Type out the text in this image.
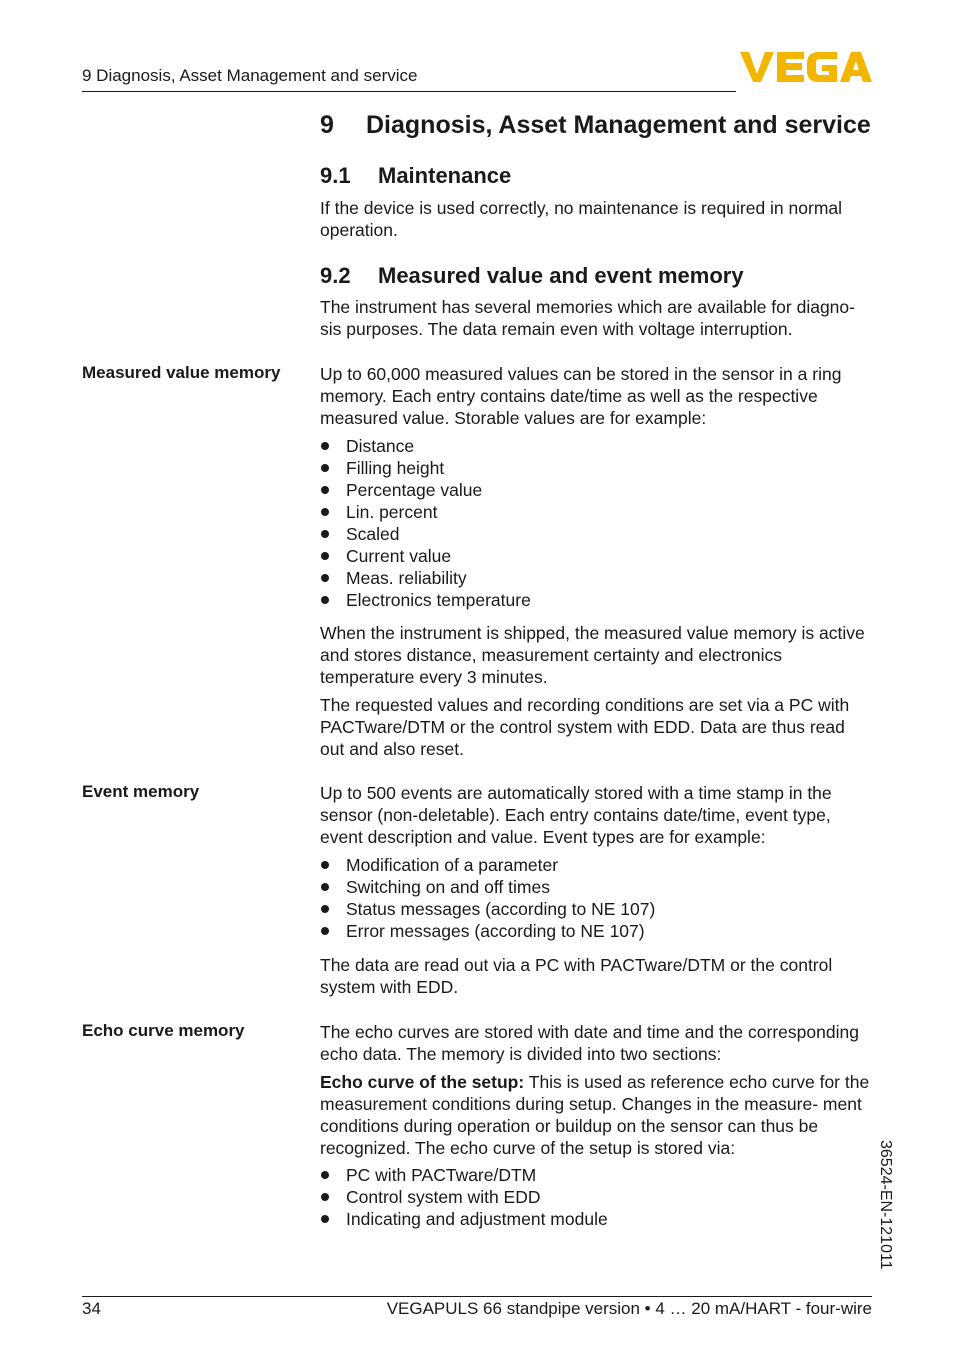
9 Diagnosis, Asset Management and service
9 Diagnosis, Asset Management and service
9.1 Maintenance

If the device is used correctly, no maintenance is required in normal operation.

9.2 Measured value and event memory

The instrument has several memories which are available for diagno- sis purposes. The data remain even with voltage interruption.

Measured value memory Up to 60,000 measured values can be stored in the sensor in a ring memory. Each entry contains date/time as well as the respective measured value. Storable values are for example:

Distance
Filling height
Percentage value
Lin. percent
Scaled
Current value
Meas. reliability
Electronics temperature

When the instrument is shipped, the measured value memory is active and stores distance, measurement certainty and electronics temperature every 3 minutes.

The requested values and recording conditions are set via a PC with PACTware/DTM or the control system with EDD. Data are thus read out and also reset.

Event memory	Up to 500 events are automatically stored with a time stamp in the sensor (non-deletable). Each entry contains date/time, event type, event description and value. Event types are for example:

Modification of a parameter
Switching on and off times
Status messages (according to NE 107)
Error messages (according to NE 107)

The data are read out via a PC with PACTware/DTM or the control system with EDD.

Echo curve memory	The echo curves are stored with date and time and the corresponding echo data. The memory is divided into two sections:

Echo curve of the setup: This is used as reference echo curve for the measurement conditions during setup. Changes in the measure- ment conditions during operation or buildup on the sensor can thus be recognized. The echo curve of the setup is stored via:

PC with PACTware/DTM
Control system with EDD
Indicating and adjustment module	36524-EN-121011
34	VEGAPULS 66 standpipe version • 4 … 20 mA/HART - four-wire
